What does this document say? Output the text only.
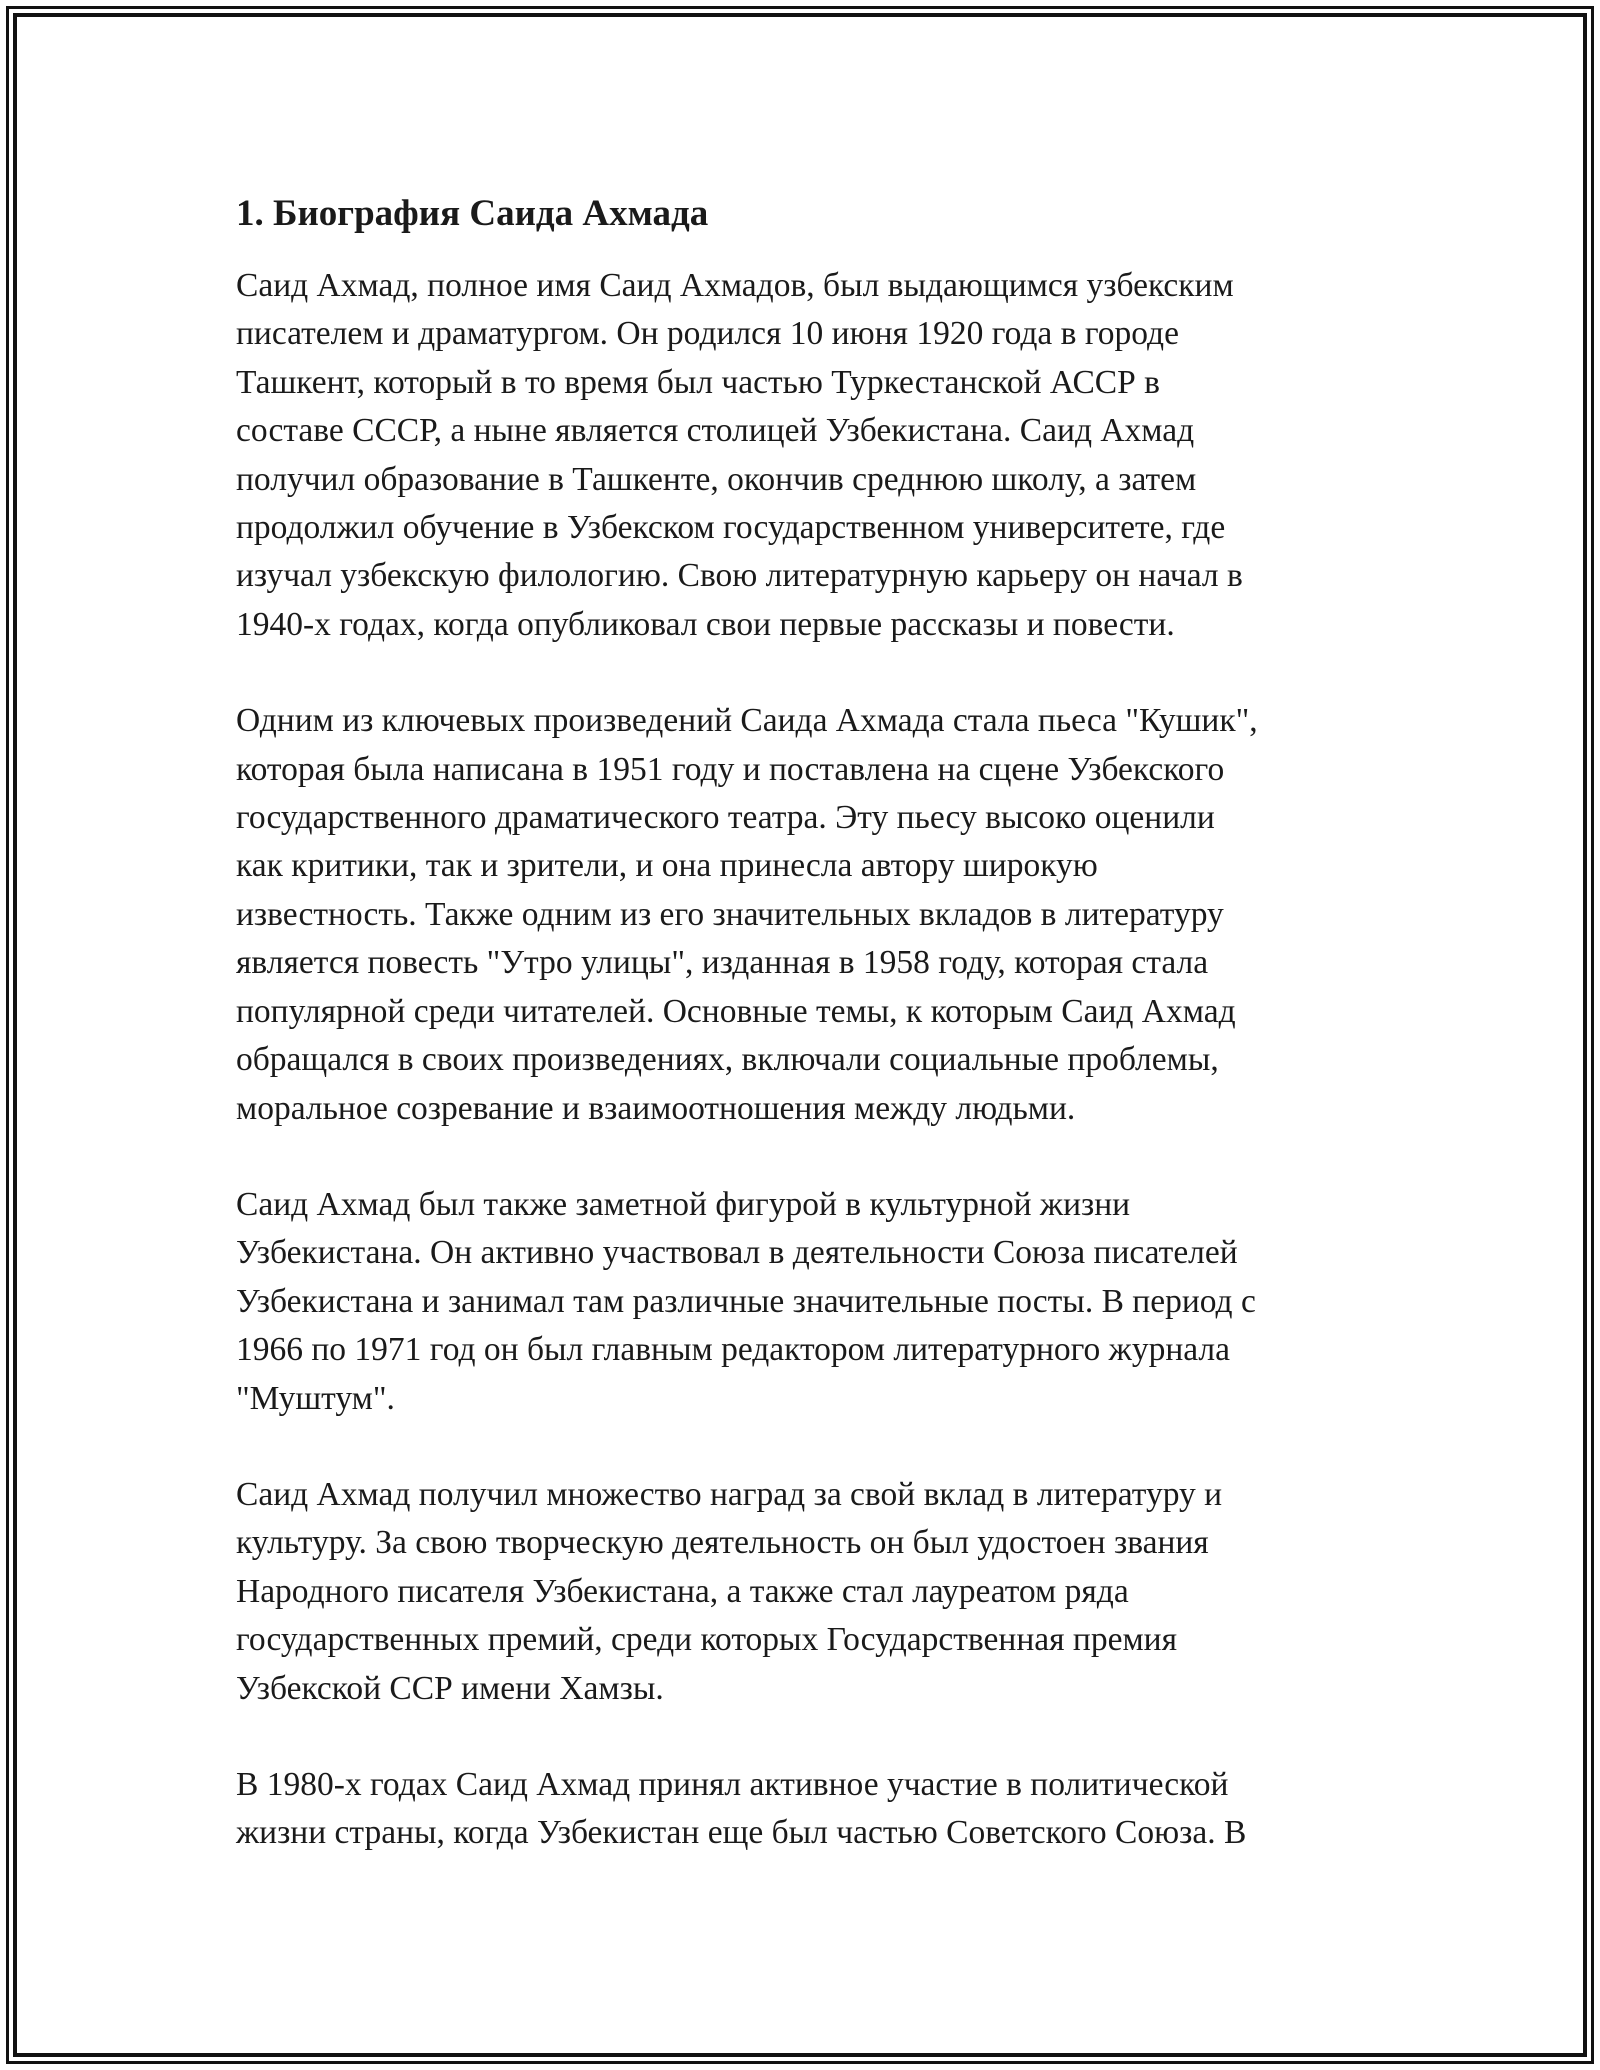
1. Биография Саида Ахмада

Саид Ахмад, полное имя Саид Ахмадов, был выдающимся узбекским
писателем и драматургом. Он родился 10 июня 1920 года в городе
Ташкент, который в то время был частью Туркестанской АССР в
составе СССР, а ныне является столицей Узбекистана. Саид Ахмад
получил образование в Ташкенте, окончив среднюю школу, а затем
продолжил обучение в Узбекском государственном университете, где
изучал узбекскую филологию. Свою литературную карьеру он начал в
1940-х годах, когда опубликовал свои первые рассказы и повести.

Одним из ключевых произведений Саида Ахмада стала пьеса "Кушик",
которая была написана в 1951 году и поставлена на сцене Узбекского
государственного драматического театра. Эту пьесу высоко оценили
как критики, так и зрители, и она принесла автору широкую
известность. Также одним из его значительных вкладов в литературу
является повесть "Утро улицы", изданная в 1958 году, которая стала
популярной среди читателей. Основные темы, к которым Саид Ахмад
обращался в своих произведениях, включали социальные проблемы,
моральное созревание и взаимоотношения между людьми.

Саид Ахмад был также заметной фигурой в культурной жизни
Узбекистана. Он активно участвовал в деятельности Союза писателей
Узбекистана и занимал там различные значительные посты. В период с
1966 по 1971 год он был главным редактором литературного журнала
"Муштум".

Саид Ахмад получил множество наград за свой вклад в литературу и
культуру. За свою творческую деятельность он был удостоен звания
Народного писателя Узбекистана, а также стал лауреатом ряда
государственных премий, среди которых Государственная премия
Узбекской ССР имени Хамзы.

В 1980-х годах Саид Ахмад принял активное участие в политической
жизни страны, когда Узбекистан еще был частью Советского Союза. В
